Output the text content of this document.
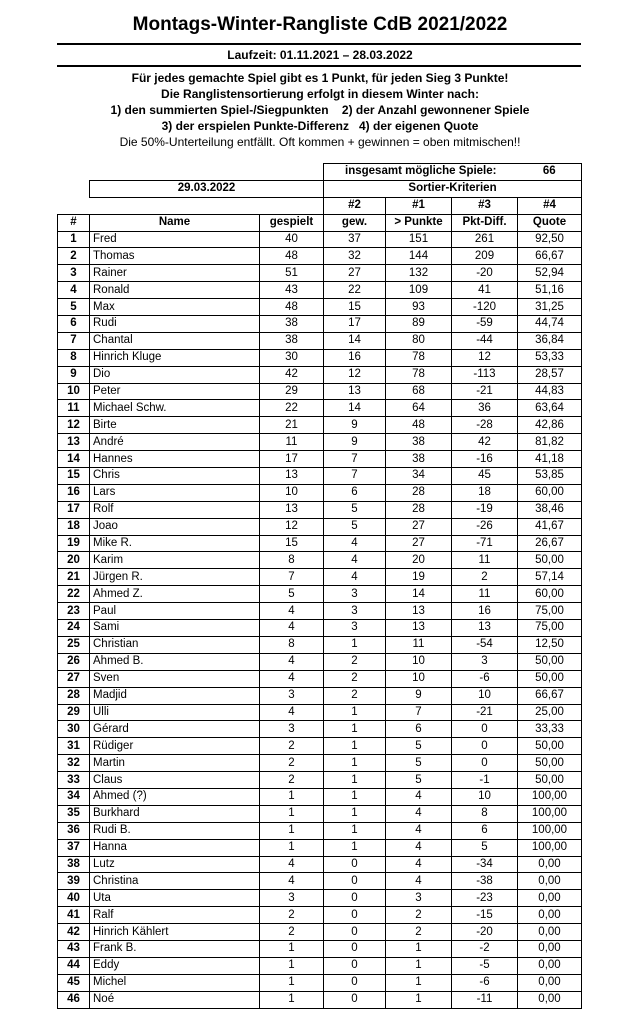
Montags-Winter-Rangliste CdB 2021/2022
Laufzeit: 01.11.2021 – 28.03.2022
Für jedes gemachte Spiel gibt es 1 Punkt, für jeden Sieg 3 Punkte!
Die Ranglistensortierung erfolgt in diesem Winter nach:
1) den summierten Spiel-/Siegpunkten    2) der Anzahl gewonnener Spiele
3) der erspielen Punkte-Differenz   4) der eigenen Quote
Die 50%-Unterteilung entfällt. Oft kommen + gewinnen = oben mitmischen!!
			insgesamt mögliche Spiele:			66
	29.03.2022		Sortier-Kriterien			
			#2	#1	#3	#4
#	Name	gespielt	gew.	> Punkte	Pkt-Diff.	Quote
1	Fred	40	37	151	261	92,50
2	Thomas	48	32	144	209	66,67
3	Rainer	51	27	132	-20	52,94
4	Ronald	43	22	109	41	51,16
5	Max	48	15	93	-120	31,25
6	Rudi	38	17	89	-59	44,74
7	Chantal	38	14	80	-44	36,84
8	Hinrich Kluge	30	16	78	12	53,33
9	Dio	42	12	78	-113	28,57
10	Peter	29	13	68	-21	44,83
11	Michael Schw.	22	14	64	36	63,64
12	Birte	21	9	48	-28	42,86
13	André	11	9	38	42	81,82
14	Hannes	17	7	38	-16	41,18
15	Chris	13	7	34	45	53,85
16	Lars	10	6	28	18	60,00
17	Rolf	13	5	28	-19	38,46
18	Joao	12	5	27	-26	41,67
19	Mike R.	15	4	27	-71	26,67
20	Karim	8	4	20	11	50,00
21	Jürgen R.	7	4	19	2	57,14
22	Ahmed Z.	5	3	14	11	60,00
23	Paul	4	3	13	16	75,00
24	Sami	4	3	13	13	75,00
25	Christian	8	1	11	-54	12,50
26	Ahmed B.	4	2	10	3	50,00
27	Sven	4	2	10	-6	50,00
28	Madjid	3	2	9	10	66,67
29	Ulli	4	1	7	-21	25,00
30	Gérard	3	1	6	0	33,33
31	Rüdiger	2	1	5	0	50,00
32	Martin	2	1	5	0	50,00
33	Claus	2	1	5	-1	50,00
34	Ahmed (?)	1	1	4	10	100,00
35	Burkhard	1	1	4	8	100,00
36	Rudi B.	1	1	4	6	100,00
37	Hanna	1	1	4	5	100,00
38	Lutz	4	0	4	-34	0,00
39	Christina	4	0	4	-38	0,00
40	Uta	3	0	3	-23	0,00
41	Ralf	2	0	2	-15	0,00
42	Hinrich Kählert	2	0	2	-20	0,00
43	Frank B.	1	0	1	-2	0,00
44	Eddy	1	0	1	-5	0,00
45	Michel	1	0	1	-6	0,00
46	Noé	1	0	1	-11	0,00
